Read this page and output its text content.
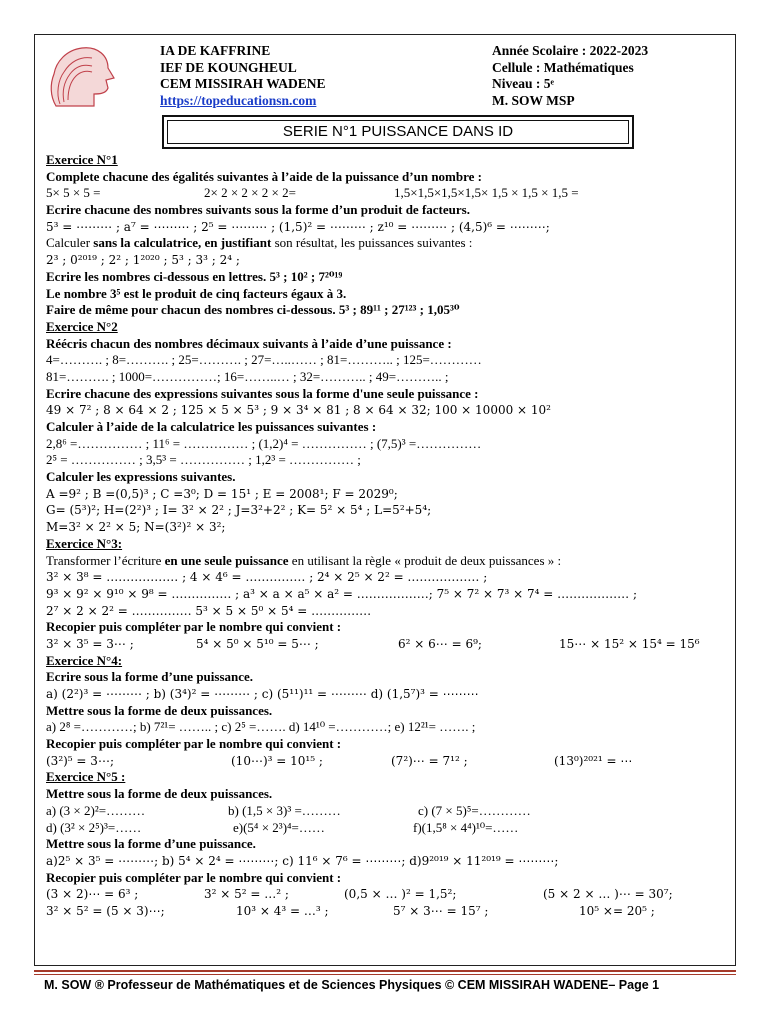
IA DE KAFFRINE
IEF DE KOUNGHEUL
CEM MISSIRAH WADENE
https://topeducationsn.com
Année Scolaire : 2022-2023
Cellule : Mathématiques
Niveau : 5ᵉ
M. SOW MSP
SERIE N°1 PUISSANCE DANS ID
Exercice N°1
Complete chacune des égalités suivantes à l’aide de la puissance d’un nombre :
5× 5 × 5 =	2× 2 × 2 × 2 × 2=	1,5×1,5×1,5×1,5× 1,5 × 1,5 × 1,5 =
Ecrire chacune des nombres suivants sous la forme d’un produit de facteurs.
5³ = ⋯⋯⋯ ; a⁷ = ⋯⋯⋯ ; 2⁵ = ⋯⋯⋯ ; (1,5)² = ⋯⋯⋯ ; z¹⁰ = ⋯⋯⋯ ; (4,5)⁶ = ⋯⋯⋯;
Calculer sans la calculatrice, en justifiant son résultat, les puissances suivantes :
2³ ; 0²⁰¹⁹ ; 2² ; 1²⁰²⁰ ; 5³ ; 3³ ; 2⁴ ;
Ecrire les nombres ci-dessous en lettres. 5³ ; 10² ; 7²⁰¹⁹
Le nombre 3⁵ est le produit de cinq facteurs égaux à 3.
Faire de même pour chacun des nombres ci-dessous. 5³ ; 89¹¹ ; 27¹²³ ; 1,05³⁰
Exercice N°2
Réécris chacun des nombres décimaux suivants à l’aide d’une puissance :
4=………. ; 8=………. ; 25=………. ; 27=…..…… ; 81=……….. ; 125=…………
81=………. ; 1000=……………; 16=……..… ; 32=……….. ; 49=……….. ;
Ecrire chacune des expressions suivantes sous la forme d'une seule puissance :
49 × 7² ; 8 × 64 × 2 ; 125 × 5 × 5³ ; 9 × 3⁴ × 81 ; 8 × 64 × 32; 100 × 10000 × 10²
Calculer à l’aide de la calculatrice les puissances suivantes :
2,8⁶ =…………… ; 11⁶ = …………… ; (1,2)⁴ = …………… ; (7,5)³ =……………
2⁵ = …………… ; 3,5³ = …………… ; 1,2³ = …………… ;
Calculer les expressions suivantes.
A =9² ; B =(0,5)³ ; C =3⁰; D = 15¹ ; E = 2008¹; F = 2029⁰;
G= (5³)²; H=(2²)³ ; I= 3² × 2² ; J=3²+2² ; K= 5² × 5⁴ ; L=5²+5⁴;
M=3² × 2² × 5; N=(3²)² × 3²;
Exercice N°3:
Transformer l’écriture en une seule puissance en utilisant la règle « produit de deux puissances » :
3² × 3⁸ = ……………… ; 4 × 4⁶ = …………… ; 2⁴ × 2⁵ × 2² = ……………… ;
9³ × 9² × 9¹⁰ × 9⁸ = …………… ; a³ × a × a⁵ × a² = ………………; 7⁵ × 7² × 7³ × 7⁴ = ……………… ;
2⁷ × 2 × 2² = …………… 5³ × 5 × 5⁰ × 5⁴ = ……………
Recopier puis compléter par le nombre qui convient :
3² × 3⁵ = 3⋯ ;	5⁴ × 5⁰ × 5¹⁰ = 5⋯ ;	6² × 6⋯ = 6⁹;	15⋯ × 15² × 15⁴ = 15⁶
Exercice N°4:
Ecrire sous la forme d’une puissance.
a) (2²)³ = ⋯⋯⋯ ; b) (3⁴)² = ⋯⋯⋯ ; c) (5¹¹)¹¹ = ⋯⋯⋯ d) (1,5⁷)³ = ⋯⋯⋯
Mettre sous la forme de deux puissances.
a) 2⁸ =…………; b) 7²¹= …….. ; c) 2⁵ =……. d) 14¹⁰ =…………; e) 12²¹= ……. ;
Recopier puis compléter par le nombre qui convient :
(3²)⁵ = 3⋯;	(10⋯)³ = 10¹⁵ ;	(7²)⋯ = 7¹² ;	(13⁰)²⁰²¹ = ⋯
Exercice N°5 :
Mettre sous la forme de deux puissances.
a) (3 × 2)²=………	b) (1,5 × 3)³ =………	c) (7 × 5)⁵=…………
d) (3² × 2⁵)³=……	e)(5⁴ × 2³)⁴=……	f)(1,5⁸ × 4⁴)¹⁰=……
Mettre sous la forme d’une puissance.
a)2⁵ × 3⁵ = ⋯⋯⋯; b) 5⁴ × 2⁴ = ⋯⋯⋯; c) 11⁶ × 7⁶ = ⋯⋯⋯; d)9²⁰¹⁹ × 11²⁰¹⁹ = ⋯⋯⋯;
Recopier puis compléter par le nombre qui convient :
(3 × 2)⋯ = 6³ ;	3² × 5² = …² ;	(0,5 × … )² = 1,5²;	(5 × 2 × … )⋯ = 30⁷;
3² × 5² = (5 × 3)⋯;	10³ × 4³ = …³ ;	5⁷ × 3⋯ = 15⁷ ;	10⁵ ×= 20⁵ ;
M. SOW ® Professeur de Mathématiques et de Sciences Physiques © CEM MISSIRAH WADENE– Page 1
